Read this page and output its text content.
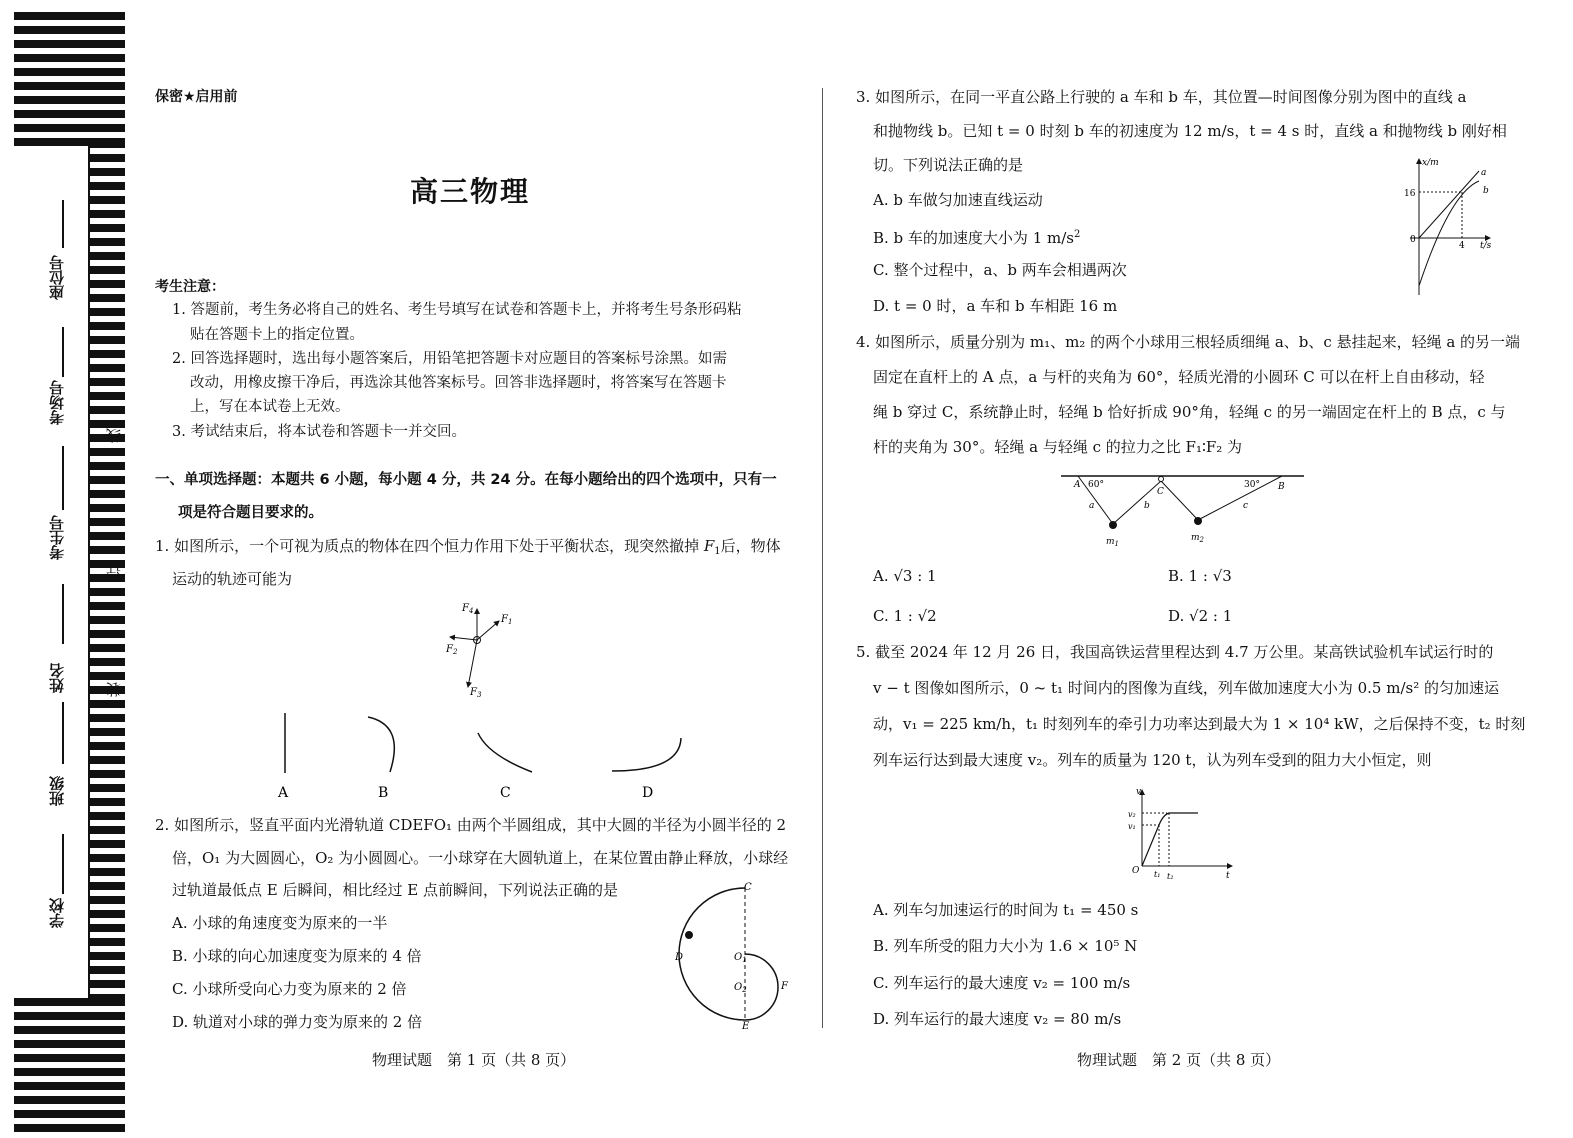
座位号
考场号
考生号
姓名
班级
学校
线
订
装
保密★启用前
高三物理
考生注意：
1. 答题前，考生务必将自己的姓名、考生号填写在试卷和答题卡上，并将考生号条形码粘
贴在答题卡上的指定位置。
2. 回答选择题时，选出每小题答案后，用铅笔把答题卡对应题目的答案标号涂黑。如需
改动，用橡皮擦干净后，再选涂其他答案标号。回答非选择题时，将答案写在答题卡
上，写在本试卷上无效。
3. 考试结束后，将本试卷和答题卡一并交回。
一、单项选择题：本题共 6 小题，每小题 4 分，共 24 分。在每小题给出的四个选项中，只有一
项是符合题目要求的。
1. 如图所示，一个可视为质点的物体在四个恒力作用下处于平衡状态，现突然撤掉 $F_1$后，物体
运动的轨迹可能为
$F_4$
$F_1$
$F_2$
$F_3$
A	B	C	D
2. 如图所示，竖直平面内光滑轨道 CDEFO₁ 由两个半圆组成，其中大圆的半径为小圆半径的 2
倍，O₁ 为大圆圆心，O₂ 为小圆圆心。一小球穿在大圆轨道上，在某位置由静止释放，小球经
过轨道最低点 E 后瞬间，相比经过 E 点前瞬间，下列说法正确的是
A. 小球的角速度变为原来的一半
B. 小球的向心加速度变为原来的 4 倍
C. 小球所受向心力变为原来的 2 倍
D. 轨道对小球的弹力变为原来的 2 倍
C
D	$O_1$
$O_2$	F
E
物理试题　第 1 页（共 8 页）
3. 如图所示，在同一平直公路上行驶的 a 车和 b 车，其位置—时间图像分别为图中的直线 a
和抛物线 b。已知 t = 0 时刻 b 车的初速度为 12 m/s，t = 4 s 时，直线 a 和抛物线 b 刚好相
切。下列说法正确的是
A. b 车做匀加速直线运动
B. b 车的加速度大小为 1 $m/s^2$
C. 整个过程中，a、b 两车会相遇两次
D. t = 0 时，a 车和 b 车相距 16 m
x/m
16
0
4 t/s
a
b
4. 如图所示，质量分别为 m₁、m₂ 的两个小球用三根轻质细绳 a、b、c 悬挂起来，轻绳 a 的另一端
固定在直杆上的 A 点，a 与杆的夹角为 60°，轻质光滑的小圆环 C 可以在杆上自由移动，轻
绳 b 穿过 C，系统静止时，轻绳 b 恰好折成 90°角，轻绳 c 的另一端固定在杆上的 B 点，c 与
杆的夹角为 30°。轻绳 a 与轻绳 c 的拉力之比 F₁∶F₂ 为
A 60°
C
30° B
a	b	c
$m_1$
$m_2$
A. √3 : 1	B. 1 : √3
C. 1 : √2	D. √2 : 1
5. 截至 2024 年 12 月 26 日，我国高铁运营里程达到 4.7 万公里。某高铁试验机车试运行时的
v − t 图像如图所示，0 ~ t₁ 时间内的图像为直线，列车做加速度大小为 0.5 m/s² 的匀加速运
动，v₁ = 225 km/h，t₁ 时刻列车的牵引力功率达到最大为 1 × 10⁴ kW，之后保持不变，t₂ 时刻
列车运行达到最大速度 v₂。列车的质量为 120 t，认为列车受到的阻力大小恒定，则
v
v₂
v₁
O t₁ t₂	t
A. 列车匀加速运行的时间为 t₁ = 450 s
B. 列车所受的阻力大小为 1.6 × 10⁵ N
C. 列车运行的最大速度 v₂ = 100 m/s
D. 列车运行的最大速度 v₂ = 80 m/s
物理试题　第 2 页（共 8 页）
